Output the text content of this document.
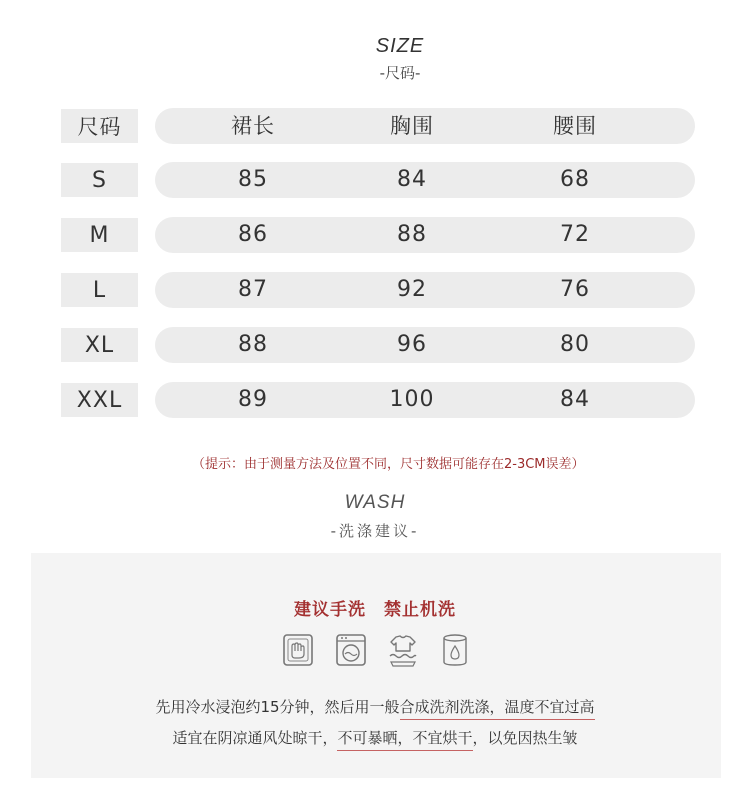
SIZE
-尺码-
尺码	裙长	胸围	腰围
S	85	84	68
M	86	88	72
L	87	92	76
XL	88	96	80
XXL	89	100	84
（提示：由于测量方法及位置不同，尺寸数据可能存在2-3CM误差）
WASH
-洗涤建议-
建议手洗 禁止机洗
先用冷水浸泡约15分钟，然后用一般合成洗剂洗涤，温度不宜过高
适宜在阴凉通风处晾干，不可暴晒，不宜烘干，以免因热生皱
